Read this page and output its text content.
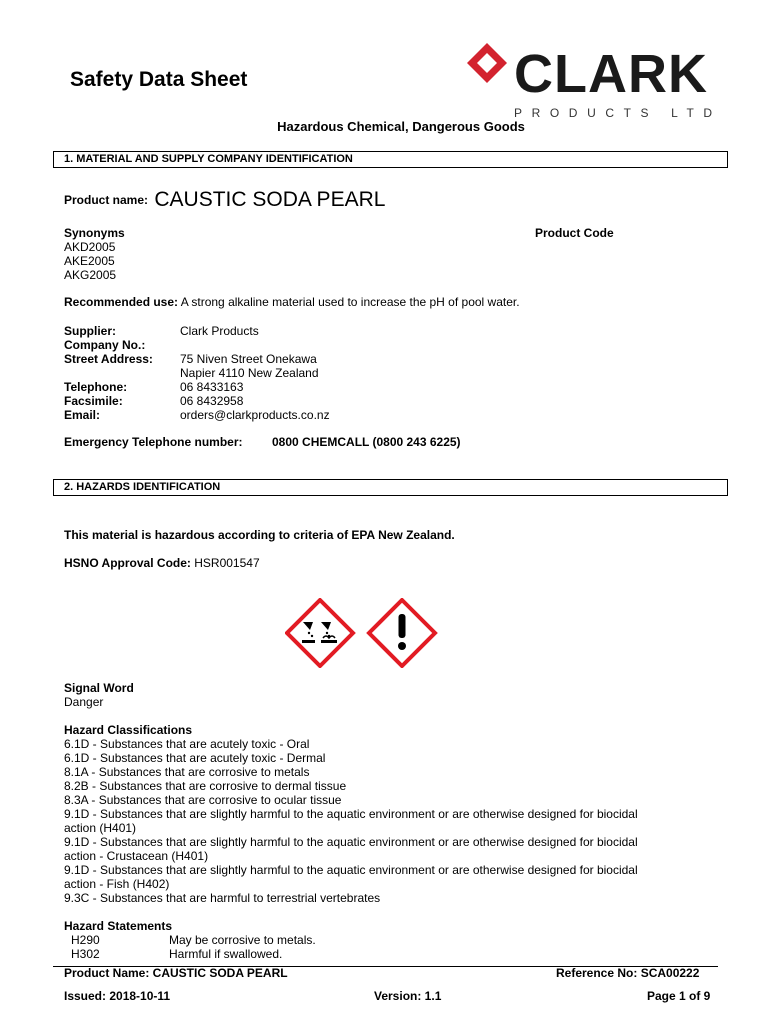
Safety Data Sheet	CLARK
PRODUCTS LTD
Hazardous Chemical, Dangerous Goods
1. MATERIAL AND SUPPLY COMPANY IDENTIFICATION
Product name: CAUSTIC SODA PEARL
Synonyms	Product Code
AKD2005
AKE2005
AKG2005
Recommended use: A strong alkaline material used to increase the pH of pool water.
Supplier:	Clark Products
Company No.:
Street Address: 75 Niven Street Onekawa
Napier 4110 New Zealand
Telephone:	06 8433163
Facsimile:	06 8432958
Email:	orders@clarkproducts.co.nz
Emergency Telephone number: 0800 CHEMCALL (0800 243 6225)
2. HAZARDS IDENTIFICATION
This material is hazardous according to criteria of EPA New Zealand.
HSNO Approval Code: HSR001547
Signal Word
Danger
Hazard Classifications
6.1D - Substances that are acutely toxic - Oral
6.1D - Substances that are acutely toxic - Dermal
8.1A - Substances that are corrosive to metals
8.2B - Substances that are corrosive to dermal tissue
8.3A - Substances that are corrosive to ocular tissue
9.1D - Substances that are slightly harmful to the aquatic environment or are otherwise designed for biocidal
action (H401)
9.1D - Substances that are slightly harmful to the aquatic environment or are otherwise designed for biocidal
action - Crustacean (H401)
9.1D - Substances that are slightly harmful to the aquatic environment or are otherwise designed for biocidal
action - Fish (H402)
9.3C - Substances that are harmful to terrestrial vertebrates
Hazard Statements
H290	May be corrosive to metals.
H302	Harmful if swallowed.
Product Name: CAUSTIC SODA PEARL	Reference No: SCA00222
Issued: 2018-10-11	Version: 1.1	Page 1 of 9
